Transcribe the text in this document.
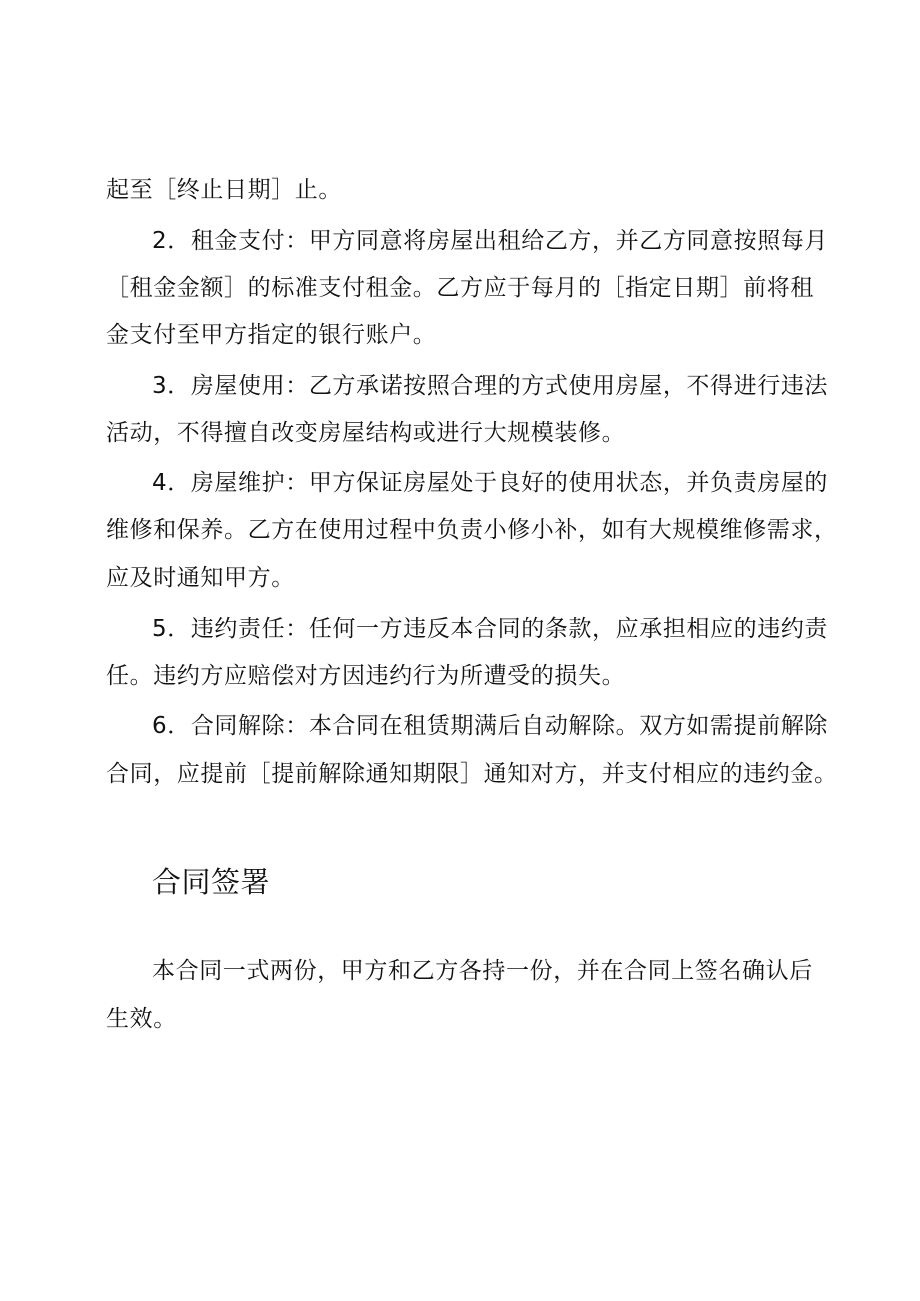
起至［终止日期］止。
2．租金支付：甲方同意将房屋出租给乙方，并乙方同意按照每月
［租金金额］的标准支付租金。乙方应于每月的［指定日期］前将租
金支付至甲方指定的银行账户。
3．房屋使用：乙方承诺按照合理的方式使用房屋，不得进行违法
活动，不得擅自改变房屋结构或进行大规模装修。
4．房屋维护：甲方保证房屋处于良好的使用状态，并负责房屋的
维修和保养。乙方在使用过程中负责小修小补，如有大规模维修需求，
应及时通知甲方。
5．违约责任：任何一方违反本合同的条款，应承担相应的违约责
任。违约方应赔偿对方因违约行为所遭受的损失。
6．合同解除：本合同在租赁期满后自动解除。双方如需提前解除
合同，应提前［提前解除通知期限］通知对方，并支付相应的违约金。
合同签署
本合同一式两份，甲方和乙方各持一份，并在合同上签名确认后
生效。
